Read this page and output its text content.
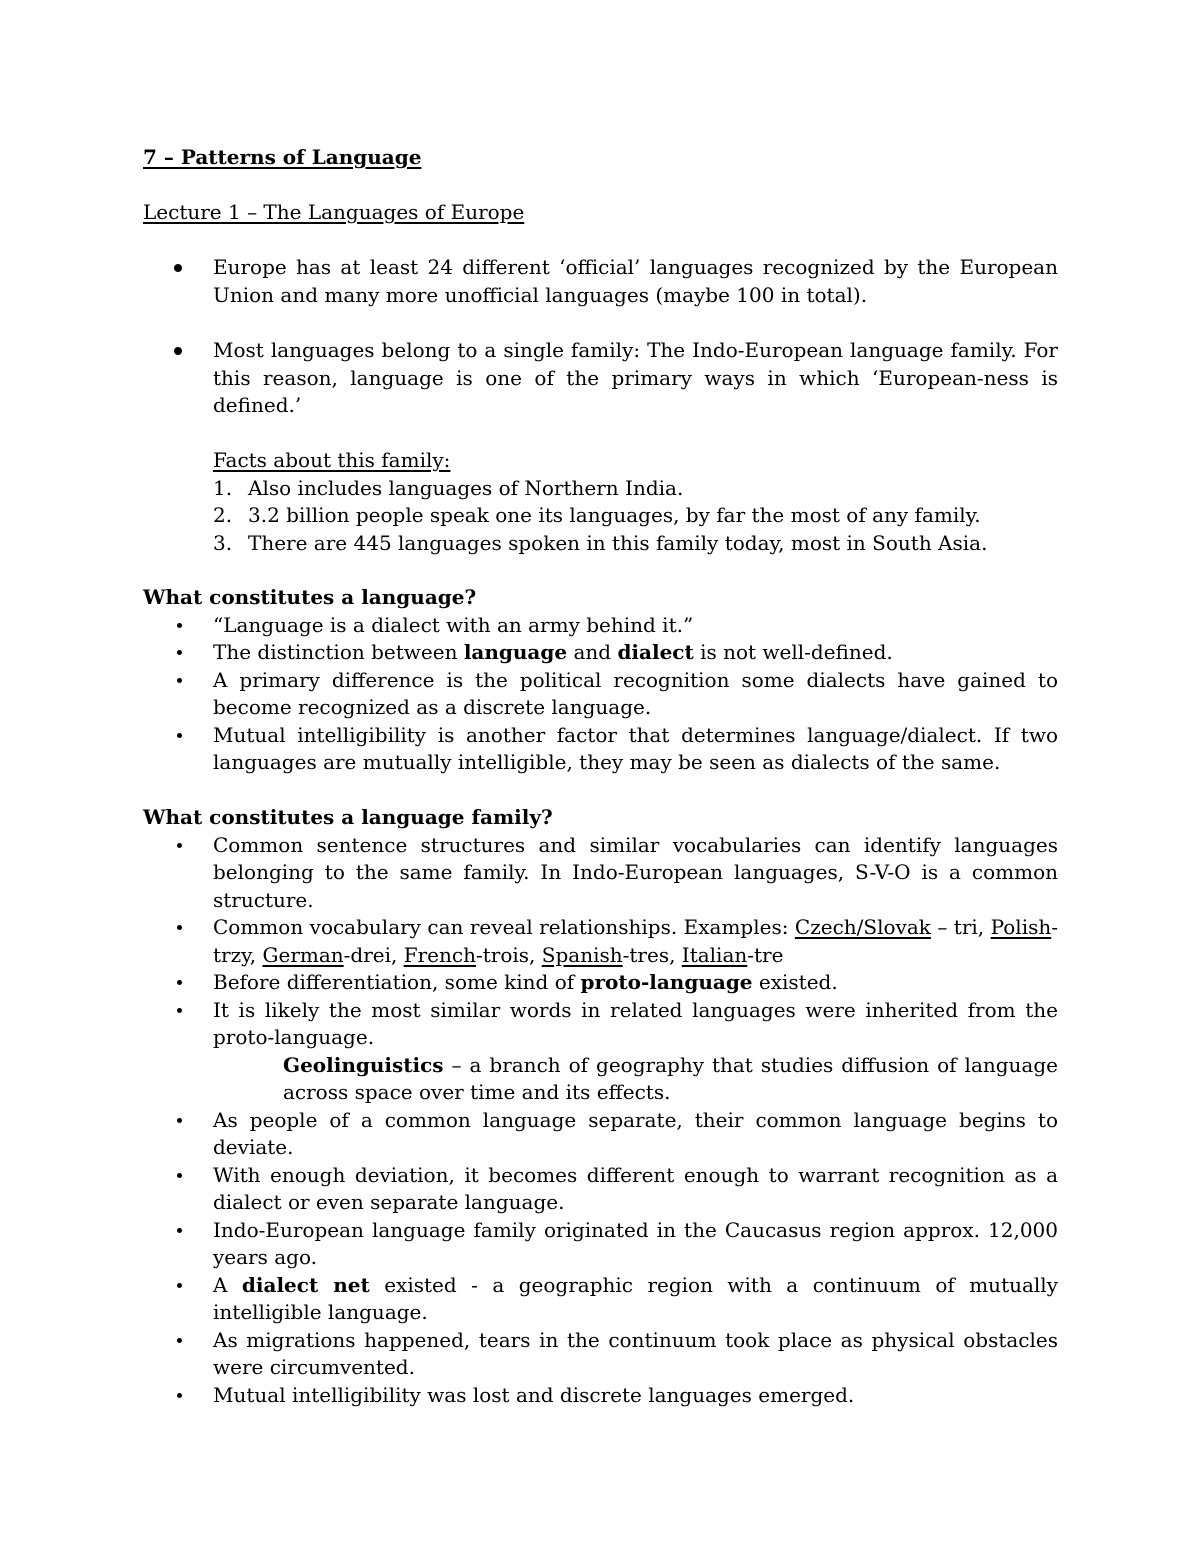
7 – Patterns of Language
Lecture 1 – The Languages of Europe
Europe has at least 24 different ‘official’ languages recognized by the European Union and many more unofficial languages (maybe 100 in total).
Most languages belong to a single family: The Indo-European language family. For this reason, language is one of the primary ways in which ‘European-ness is defined.’
Facts about this family:
1. Also includes languages of Northern India.
2. 3.2 billion people speak one its languages, by far the most of any family.
3. There are 445 languages spoken in this family today, most in South Asia.
What constitutes a language?
“Language is a dialect with an army behind it.”
The distinction between language and dialect is not well-defined.
A primary difference is the political recognition some dialects have gained to become recognized as a discrete language.
Mutual intelligibility is another factor that determines language/dialect. If two languages are mutually intelligible, they may be seen as dialects of the same.
What constitutes a language family?
Common sentence structures and similar vocabularies can identify languages belonging to the same family. In Indo-European languages, S-V-O is a common structure.
Common vocabulary can reveal relationships. Examples: Czech/Slovak – tri, Polish-trzy, German-drei, French-trois, Spanish-tres, Italian-tre
Before differentiation, some kind of proto-language existed.
It is likely the most similar words in related languages were inherited from the proto-language.
Geolinguistics – a branch of geography that studies diffusion of language across space over time and its effects.
As people of a common language separate, their common language begins to deviate.
With enough deviation, it becomes different enough to warrant recognition as a dialect or even separate language.
Indo-European language family originated in the Caucasus region approx. 12,000 years ago.
A dialect net existed - a geographic region with a continuum of mutually intelligible language.
As migrations happened, tears in the continuum took place as physical obstacles were circumvented.
Mutual intelligibility was lost and discrete languages emerged.
